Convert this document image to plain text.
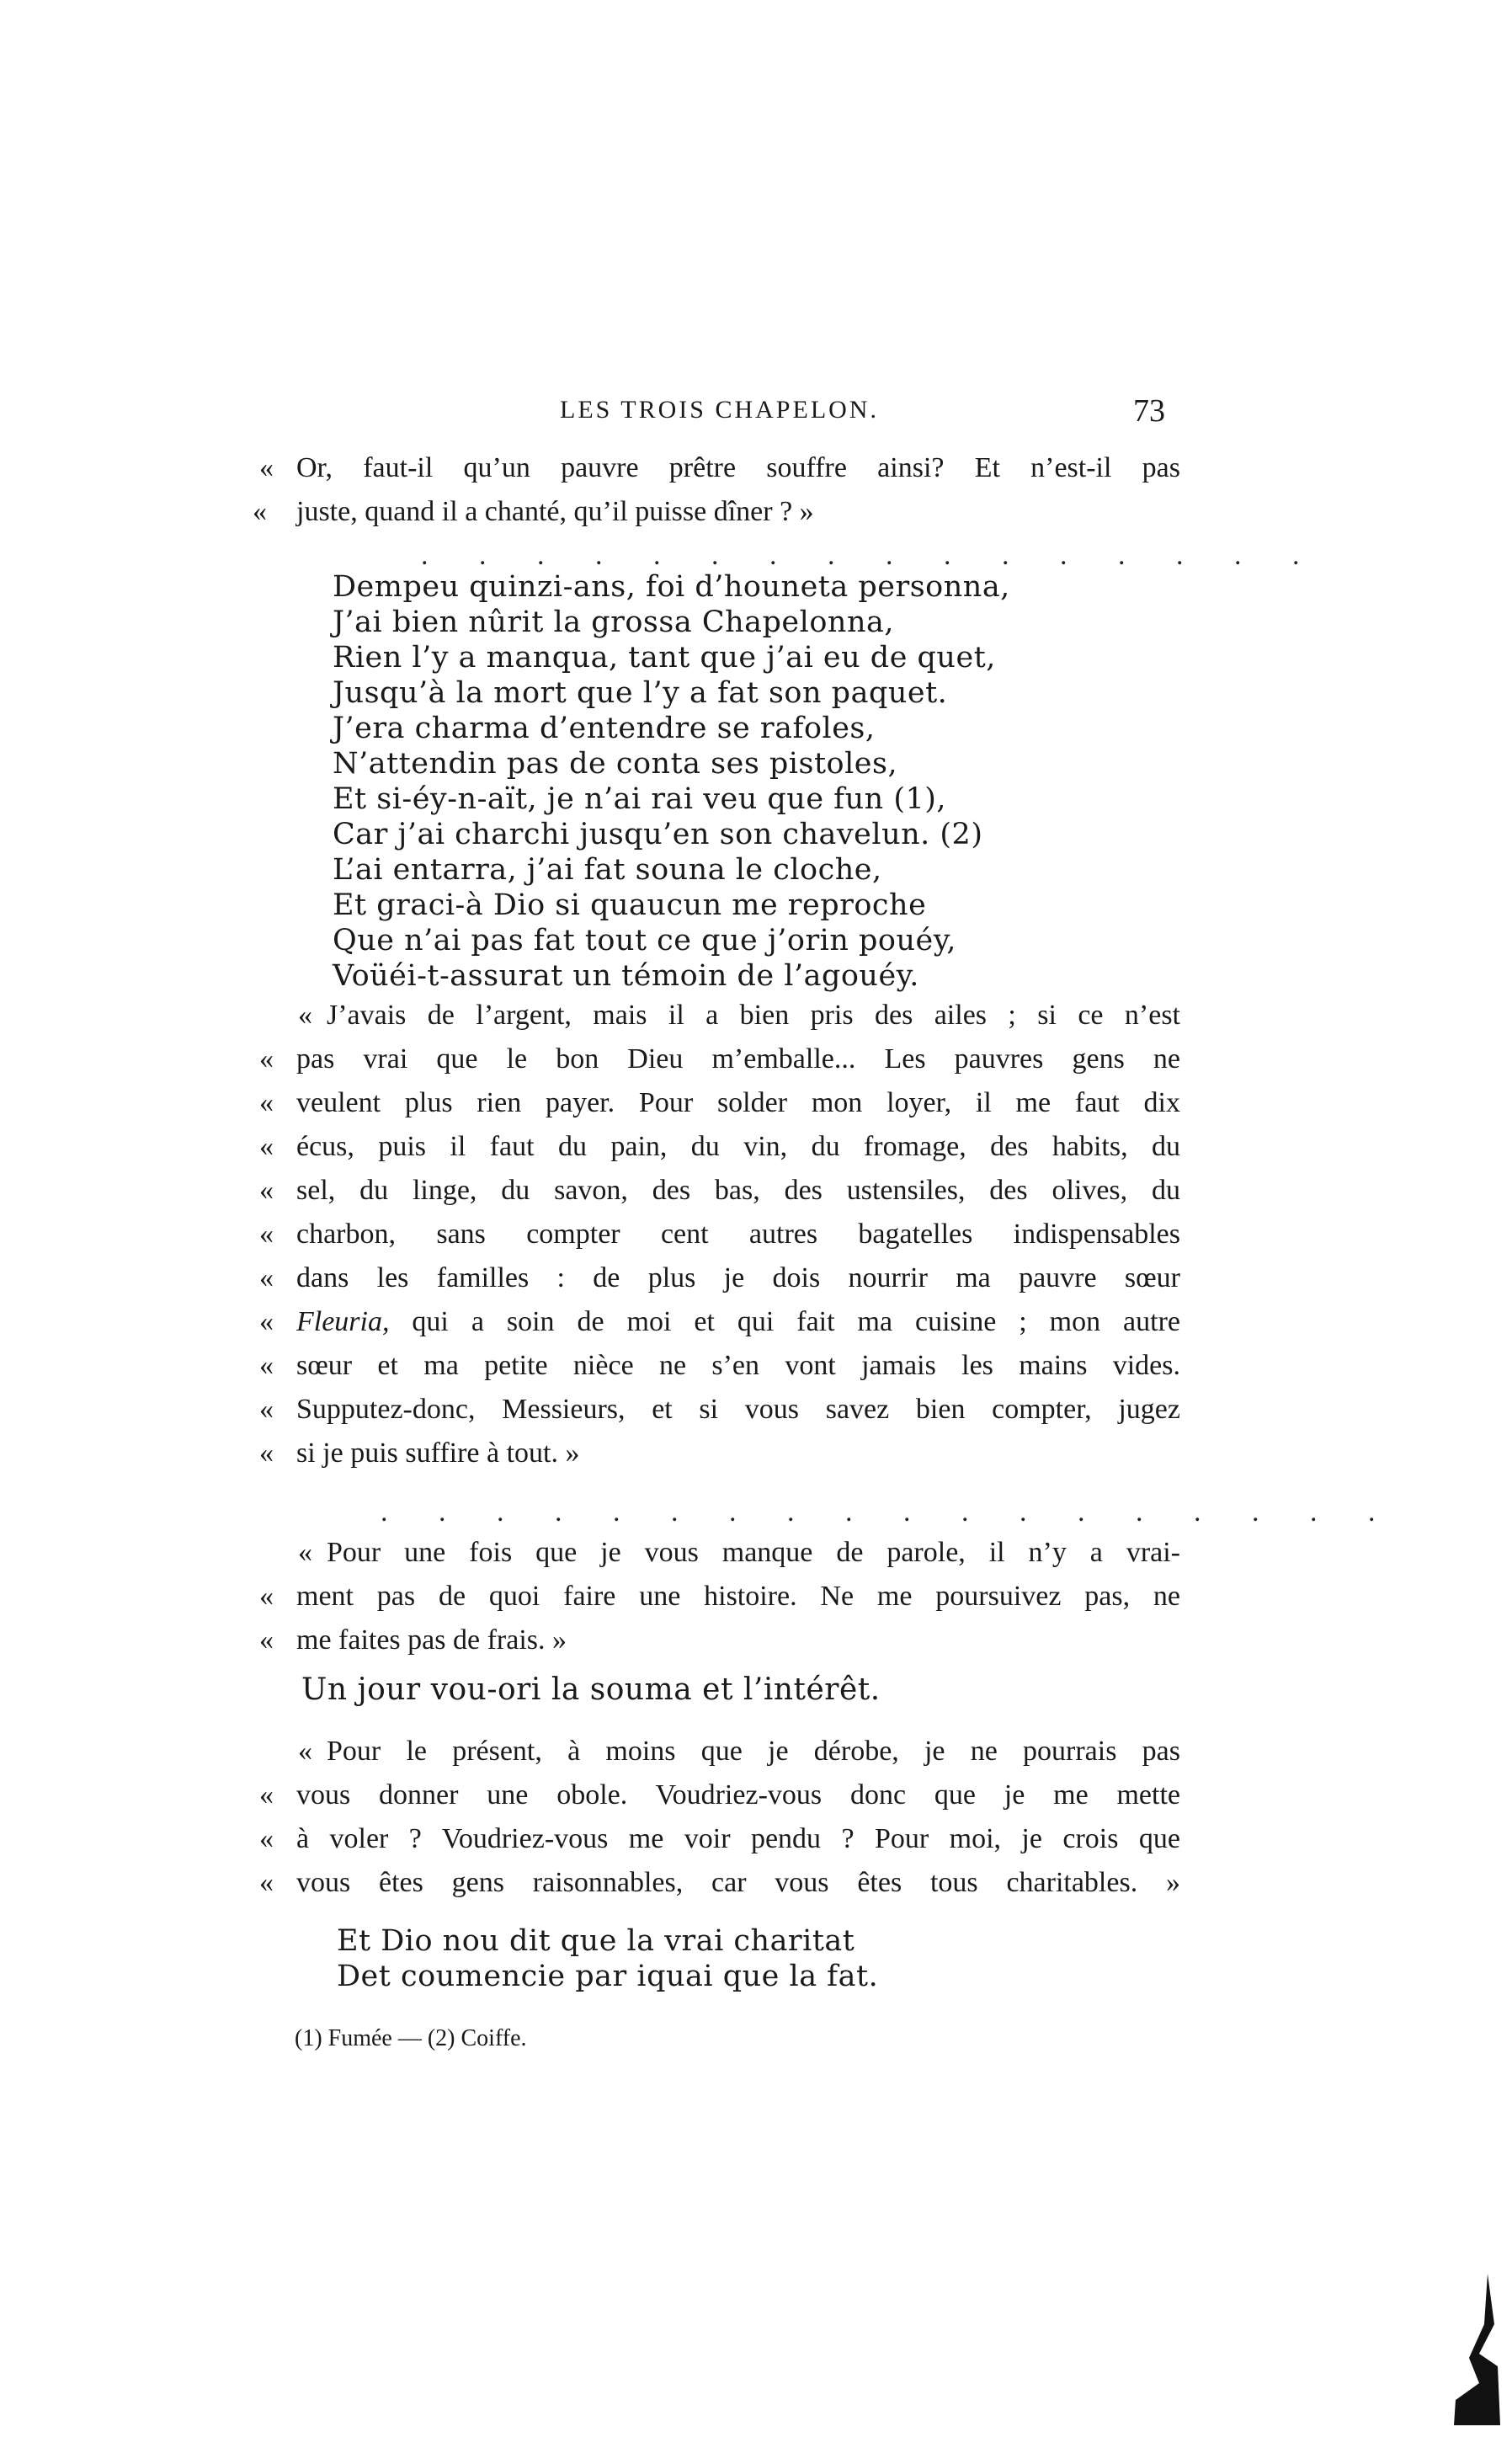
LES TROIS CHAPELON.	73
« Or, faut-il qu’un pauvre prêtre souffre ainsi? Et n’est-il pas
« juste, quand il a chanté, qu’il puisse dîner ? »
. . . . . . . . . . . . . . . .
Dempeu quinzi-ans, foi d’houneta personna,
J’ai bien nûrit la grossa Chapelonna,
Rien l’y a manqua, tant que j’ai eu de quet,
Jusqu’à la mort que l’y a fat son paquet.
J’era charma d’entendre se rafoles,
N’attendin pas de conta ses pistoles,
Et si-éy-n-aït, je n’ai rai veu que fun (1),
Car j’ai charchi jusqu’en son chavelun. (2)
L’ai entarra, j’ai fat souna le cloche,
Et graci-à Dio si quaucun me reproche
Que n’ai pas fat tout ce que j’orin pouéy,
Voüéi-t-assurat un témoin de l’agouéy.
« J’avais de l’argent, mais il a bien pris des ailes ; si ce n’est
« pas vrai que le bon Dieu m’emballe... Les pauvres gens ne
« veulent plus rien payer. Pour solder mon loyer, il me faut dix
« écus, puis il faut du pain, du vin, du fromage, des habits, du
« sel, du linge, du savon, des bas, des ustensiles, des olives, du
« charbon, sans compter cent autres bagatelles indispensables
« dans les familles : de plus je dois nourrir ma pauvre sœur
« Fleuria, qui a soin de moi et qui fait ma cuisine ; mon autre
« sœur et ma petite nièce ne s’en vont jamais les mains vides.
« Supputez-donc, Messieurs, et si vous savez bien compter, jugez
« si je puis suffire à tout. »
. . . . . . . . . . . . . . . . . .
« Pour une fois que je vous manque de parole, il n’y a vrai-
« ment pas de quoi faire une histoire. Ne me poursuivez pas, ne
« me faites pas de frais. »
Un jour vou-ori la souma et l’intérêt.
« Pour le présent, à moins que je dérobe, je ne pourrais pas
« vous donner une obole. Voudriez-vous donc que je me mette
« à voler ? Voudriez-vous me voir pendu ? Pour moi, je crois que
« vous êtes gens raisonnables, car vous êtes tous charitables. »
Et Dio nou dit que la vrai charitat
Det coumencie par iquai que la fat.
(1) Fumée — (2) Coiffe.
